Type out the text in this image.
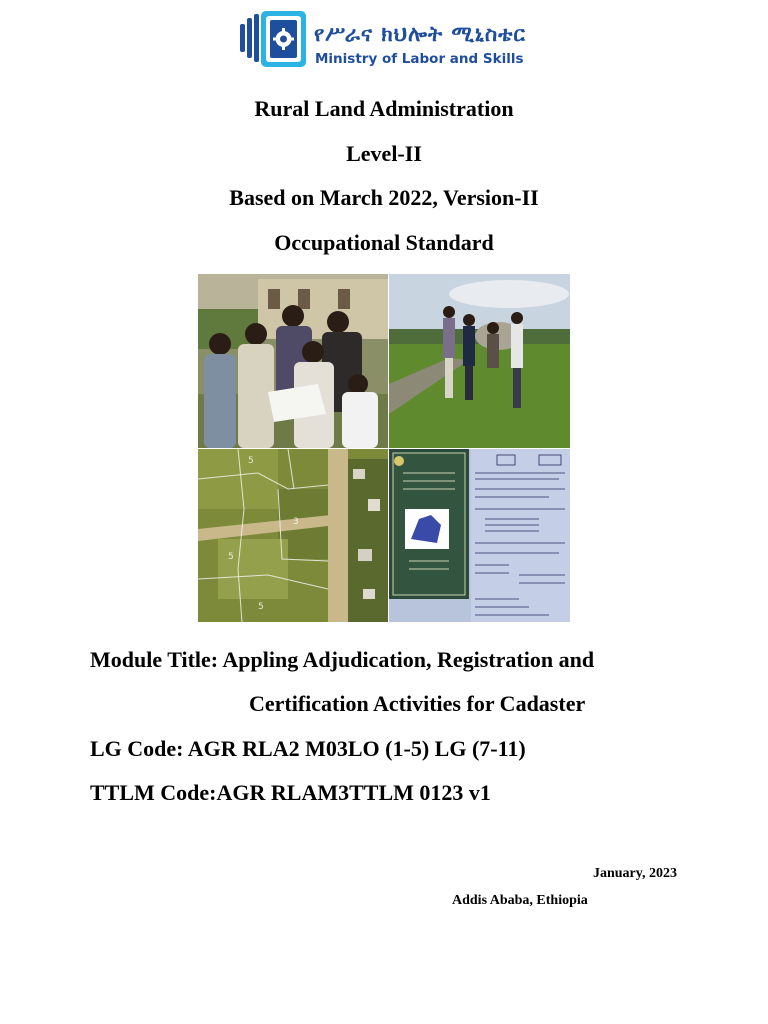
የሥራና ክህሎት ሚኒስቴር
Ministry of Labor and Skills
Rural Land Administration
Level-II
Based on March 2022, Version-II
Occupational Standard
5
3
5
5
Module Title: Appling Adjudication, Registration and
Certification Activities for Cadaster
LG Code: AGR RLA2 M03LO (1-5) LG (7-11)
TTLM Code:AGR RLAM3TTLM 0123 v1
January, 2023
Addis Ababa, Ethiopia
